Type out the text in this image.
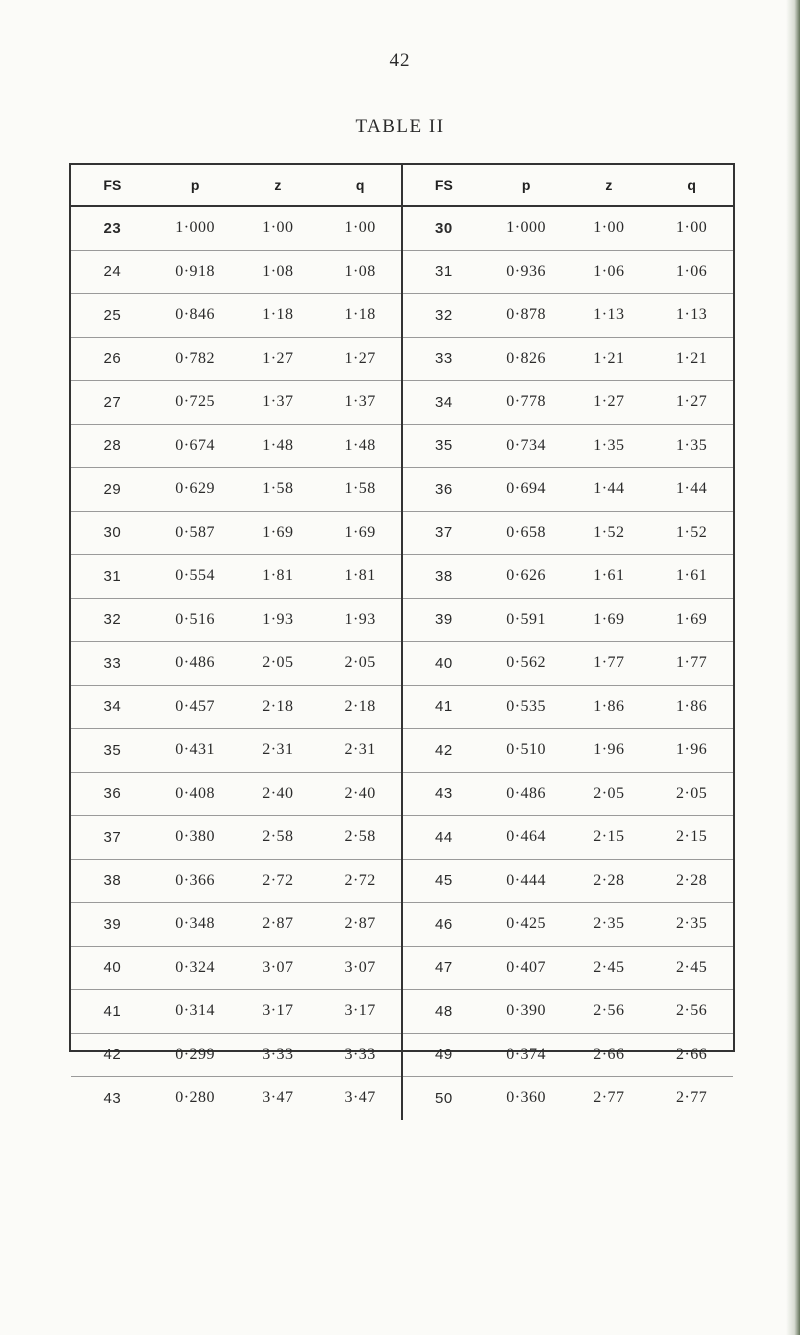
42
TABLE II
FS	p	z	q	FS	p	z	q
23	1·000	1·00	1·00	30	1·000	1·00	1·00
24	0·918	1·08	1·08	31	0·936	1·06	1·06
25	0·846	1·18	1·18	32	0·878	1·13	1·13
26	0·782	1·27	1·27	33	0·826	1·21	1·21
27	0·725	1·37	1·37	34	0·778	1·27	1·27
28	0·674	1·48	1·48	35	0·734	1·35	1·35
29	0·629	1·58	1·58	36	0·694	1·44	1·44
30	0·587	1·69	1·69	37	0·658	1·52	1·52
31	0·554	1·81	1·81	38	0·626	1·61	1·61
32	0·516	1·93	1·93	39	0·591	1·69	1·69
33	0·486	2·05	2·05	40	0·562	1·77	1·77
34	0·457	2·18	2·18	41	0·535	1·86	1·86
35	0·431	2·31	2·31	42	0·510	1·96	1·96
36	0·408	2·40	2·40	43	0·486	2·05	2·05
37	0·380	2·58	2·58	44	0·464	2·15	2·15
38	0·366	2·72	2·72	45	0·444	2·28	2·28
39	0·348	2·87	2·87	46	0·425	2·35	2·35
40	0·324	3·07	3·07	47	0·407	2·45	2·45
41	0·314	3·17	3·17	48	0·390	2·56	2·56
42	0·299	3·33	3·33	49	0·374	2·66	2·66
43	0·280	3·47	3·47	50	0·360	2·77	2·77
